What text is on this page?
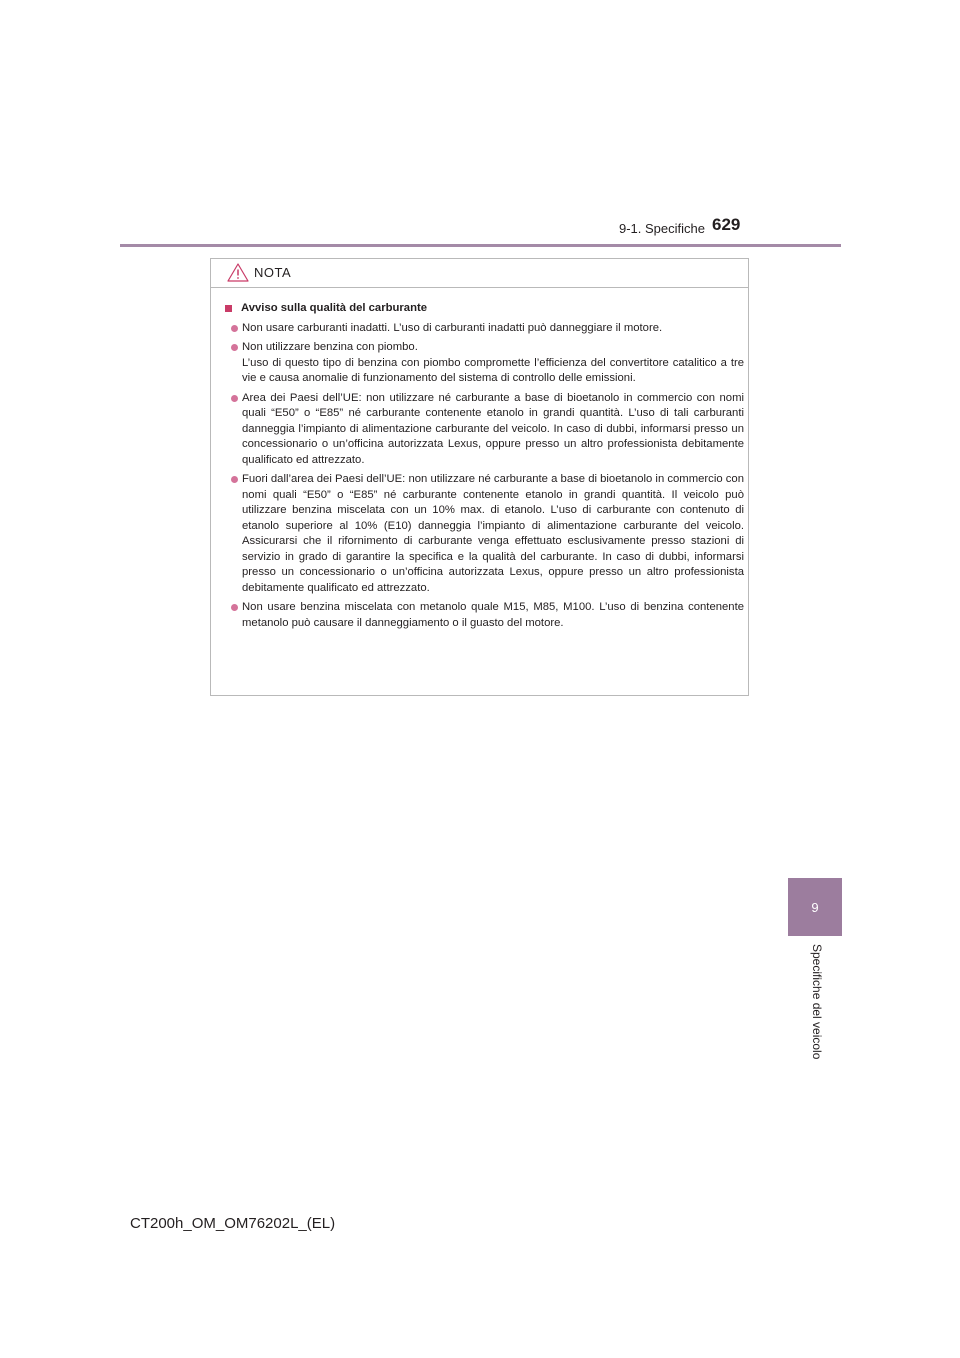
9-1. Specifiche 629
9
Specifiche del veicolo
NOTA
Avviso sulla qualità del carburante
Non usare carburanti inadatti. L’uso di carburanti inadatti può danneggiare il motore.
Non utilizzare benzina con piombo.
L’uso di questo tipo di benzina con piombo compromette l’efficienza del convertitore catalitico a tre vie e causa anomalie di funzionamento del sistema di controllo delle emissioni.
Area dei Paesi dell’UE: non utilizzare né carburante a base di bioetanolo in commercio con nomi quali “E50” o “E85” né carburante contenente etanolo in grandi quantità. L’uso di tali carburanti danneggia l’impianto di alimentazione carburante del veicolo. In caso di dubbi, informarsi presso un concessionario o un’officina autorizzata Lexus, oppure presso un altro professionista debitamente qualificato ed attrezzato.
Fuori dall’area dei Paesi dell’UE: non utilizzare né carburante a base di bioetanolo in commercio con nomi quali “E50” o “E85” né carburante contenente etanolo in grandi quantità. Il veicolo può utilizzare benzina miscelata con un 10% max. di etanolo. L’uso di carburante con contenuto di etanolo superiore al 10% (E10) danneggia l’impianto di alimentazione carburante del veicolo. Assicurarsi che il rifornimento di carburante venga effettuato esclusivamente presso stazioni di servizio in grado di garantire la specifica e la qualità del carburante. In caso di dubbi, informarsi presso un concessionario o un’officina autorizzata Lexus, oppure presso un altro professionista debitamente qualificato ed attrezzato.
Non usare benzina miscelata con metanolo quale M15, M85, M100. L’uso di benzina contenente metanolo può causare il danneggiamento o il guasto del motore.
CT200h_OM_OM76202L_(EL)
